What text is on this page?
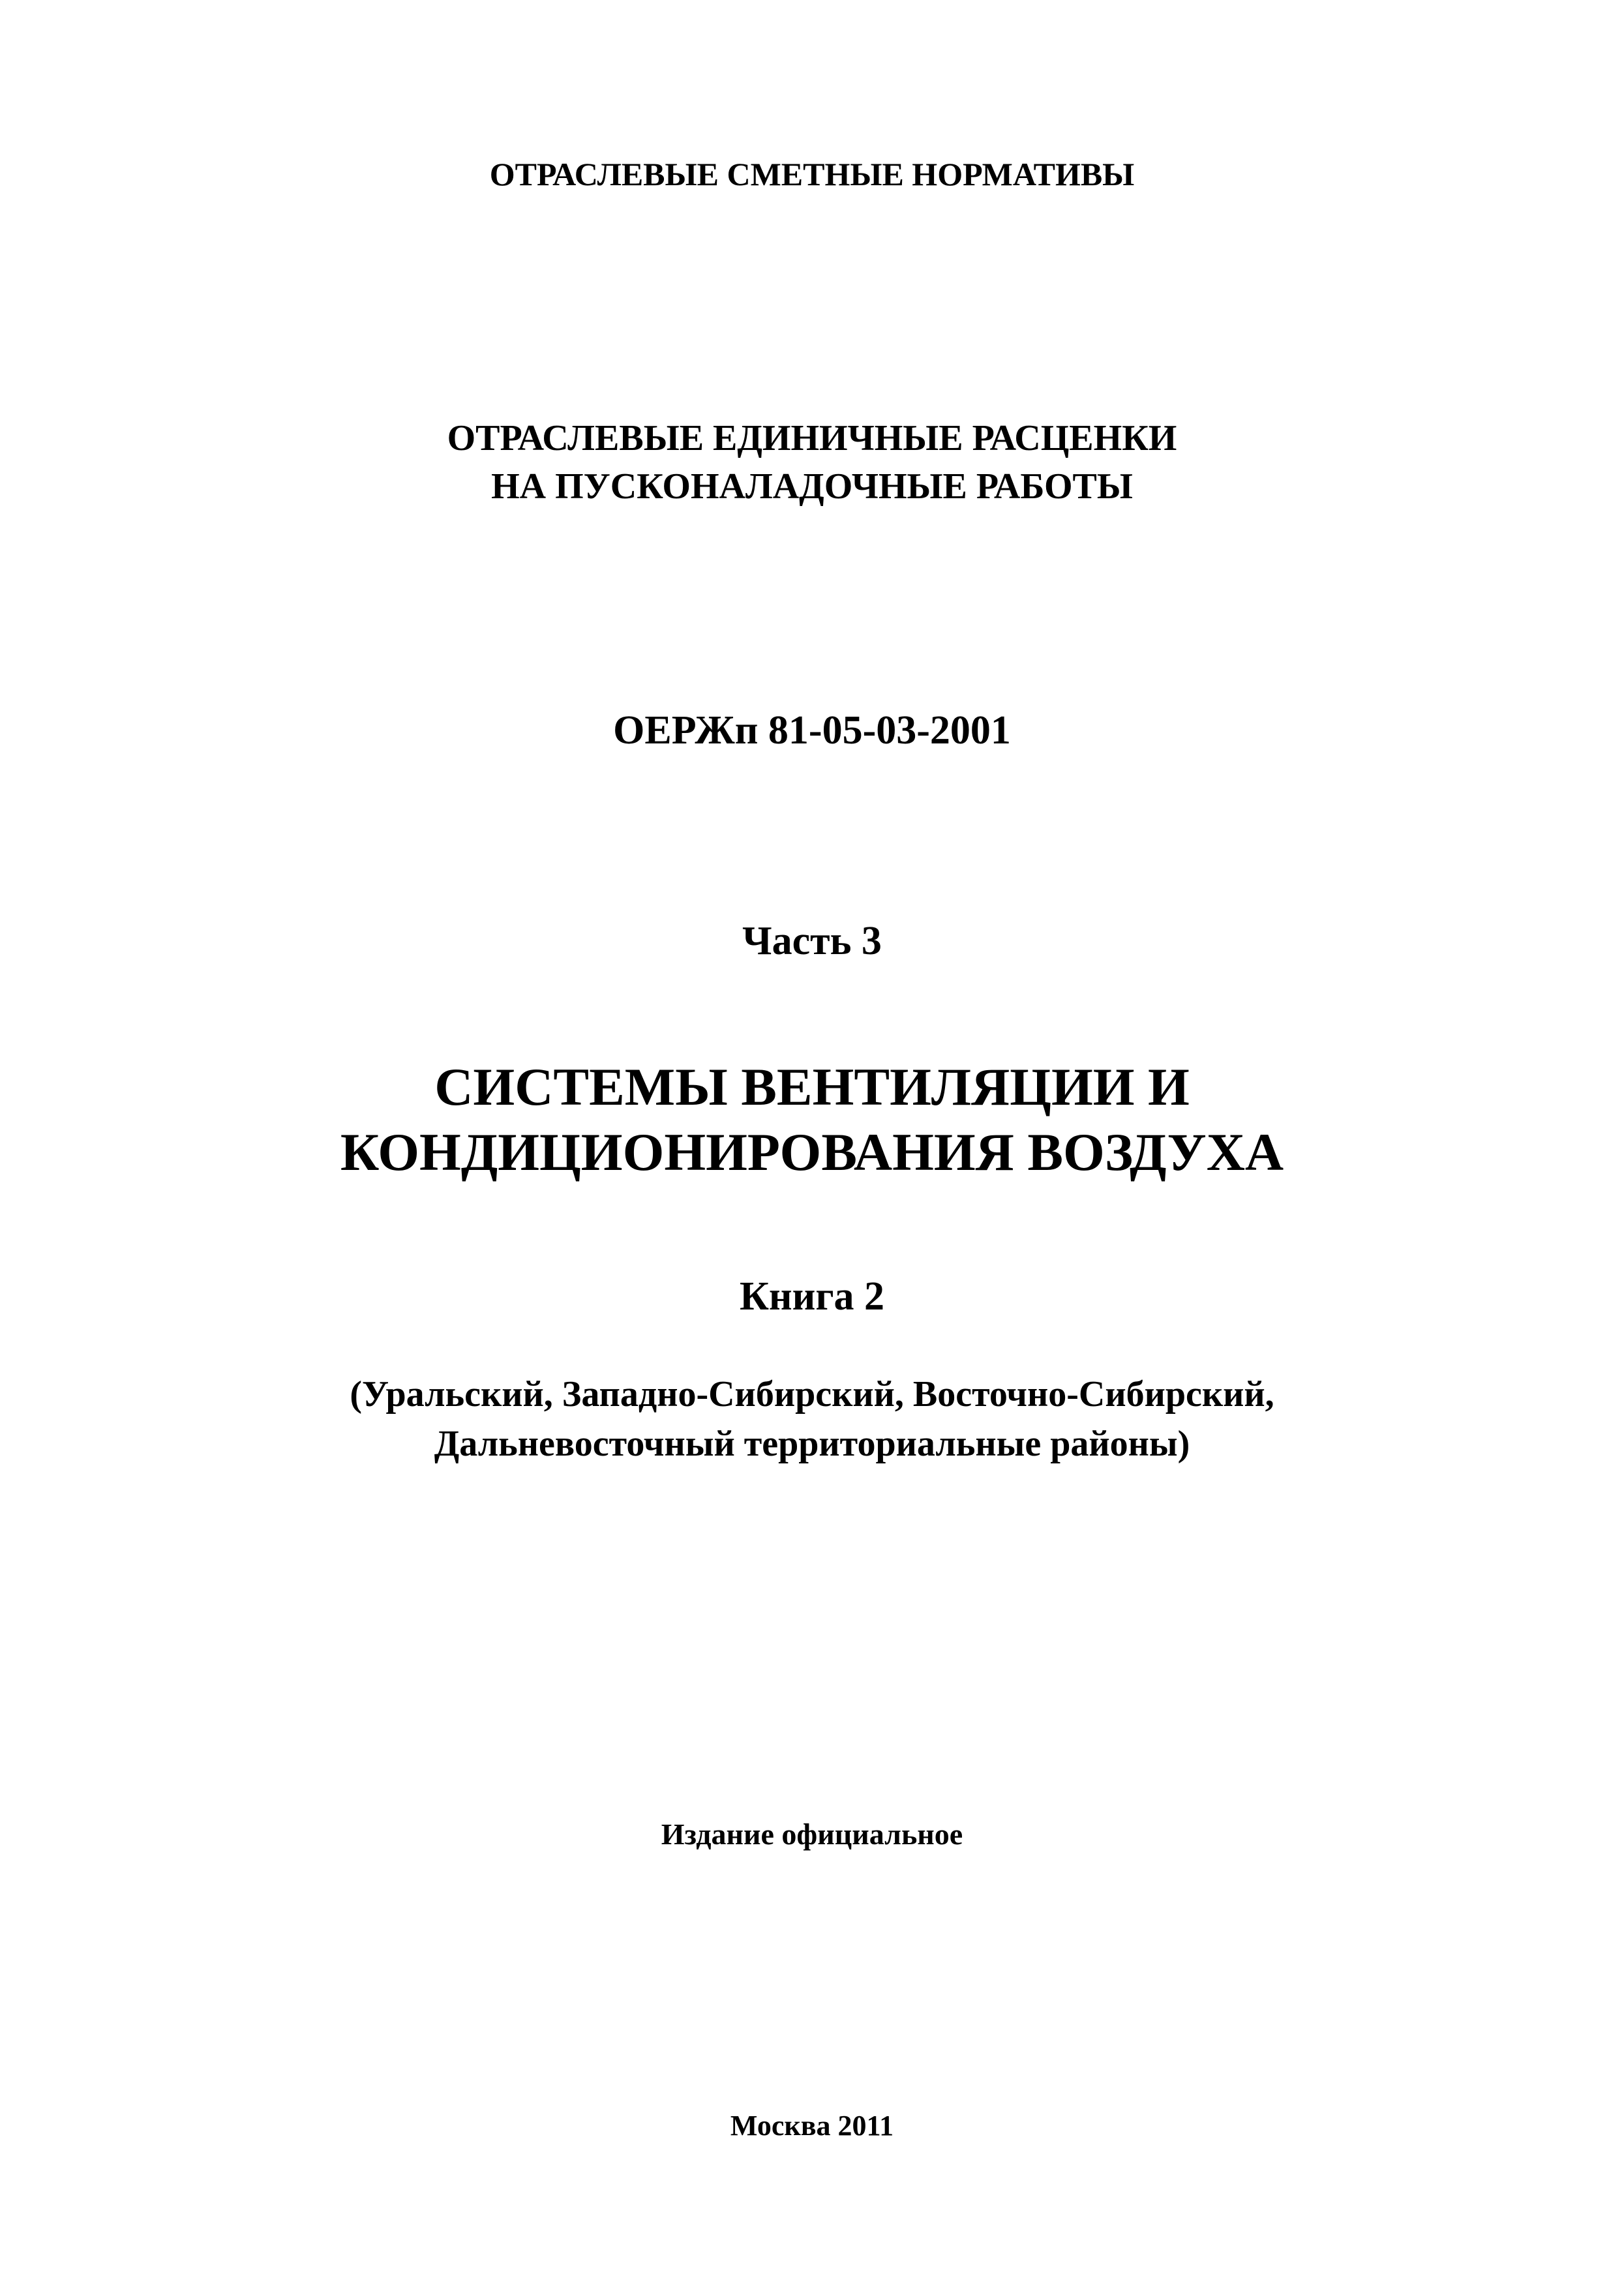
ОТРАСЛЕВЫЕ СМЕТНЫЕ НОРМАТИВЫ
ОТРАСЛЕВЫЕ ЕДИНИЧНЫЕ РАСЦЕНКИ
НА ПУСКОНАЛАДОЧНЫЕ РАБОТЫ
ОЕРЖп 81-05-03-2001
Часть 3
СИСТЕМЫ ВЕНТИЛЯЦИИ И
КОНДИЦИОНИРОВАНИЯ ВОЗДУХА
Книга 2
(Уральский, Западно-Сибирский, Восточно-Сибирский,
Дальневосточный территориальные районы)
Издание официальное
Москва 2011
